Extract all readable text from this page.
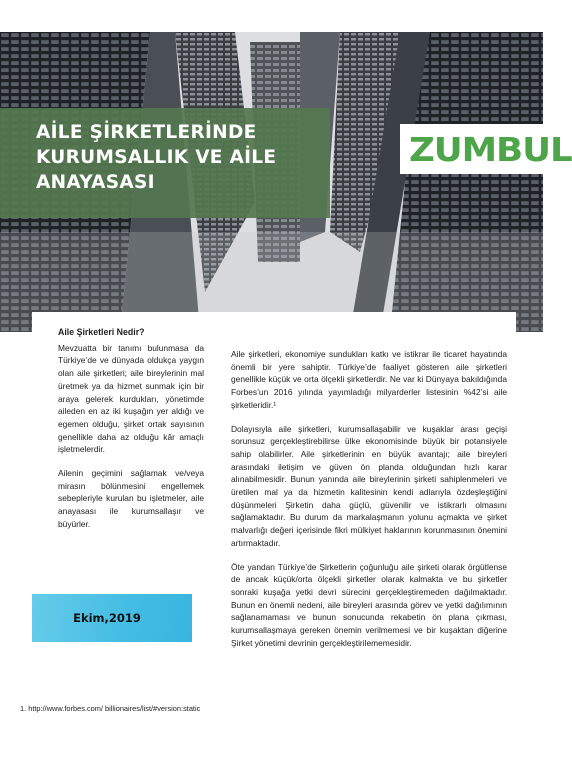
AİLE ŞİRKETLERİNDE
KURUMSALLIK VE AİLE
ANAYASASI
ZUMBUL
Aile Şirketleri Nedir?

Mevzuatta bir tanımı bulunmasa da Türkiye’de ve dünyada oldukça yaygın olan aile şirketleri; aile bireylerinin mal üretmek ya da hizmet sunmak için bir araya gelerek kurdukları, yönetimde aileden en az iki kuşağın yer aldığı ve egemen olduğu, şirket ortak sayısının genellikle daha az olduğu kâr amaçlı işletmelerdir.

Ailenin geçimini sağlamak ve/veya mirasın bölünmesini engellemek sebepleriyle kurulan bu işletmeler, aile anayasası ile kurumsallaşır ve büyürler.

Ekim,2019

Aile şirketleri, ekonomiye sundukları katkı ve istikrar ile ticaret hayatında önemli bir yere sahiptir. Türkiye’de faaliyet gösteren aile şirketleri genellikle küçük ve orta ölçekli şirketlerdir. Ne var ki Dünyaya bakıldığında Forbes’un 2016 yılında yayımladığı milyarderler listesinin %42’si aile şirketleridir.¹

Dolayısıyla aile şirketleri, kurumsallaşabilir ve kuşaklar arası geçişi sorunsuz gerçekleştirebilirse ülke ekonomisinde büyük bir potansiyele sahip olabilirler. Aile şirketlerinin en büyük avantajı; aile bireyleri arasındaki iletişim ve güven ön planda olduğundan hızlı karar alınabilmesidir. Bunun yanında aile bireylerinin şirketi sahiplenmeleri ve üretilen mal ya da hizmetin kalitesinin kendi adlarıyla özdeşleştiğini düşünmeleri Şirketin daha güçlü, güvenilir ve istikrarlı olmasını sağlamaktadır. Bu durum da markalaşmanın yolunu açmakta ve şirket malvarlığı değeri içerisinde fikri mülkiyet haklarının korunmasının önemini artırmaktadır.

Öte yandan Türkiye’de Şirketlerin çoğunluğu aile şirketi olarak örgütlense de ancak küçük/orta ölçekli şirketler olarak kalmakta ve bu şirketler sonraki kuşağa yetki devri sürecini gerçekleştiremeden dağılmaktadır. Bunun en önemli nedeni, aile bireyleri arasında görev ve yetki dağılımının sağlanamaması ve bunun sonucunda rekabetin ön plana çıkması, kurumsallaşmaya gereken önemin verilmemesi ve bir kuşaktan diğerine Şirket yönetimi devrinin gerçekleştirilememesidir.

1. http://www.forbes.com/ billionaires/list/#version:static
